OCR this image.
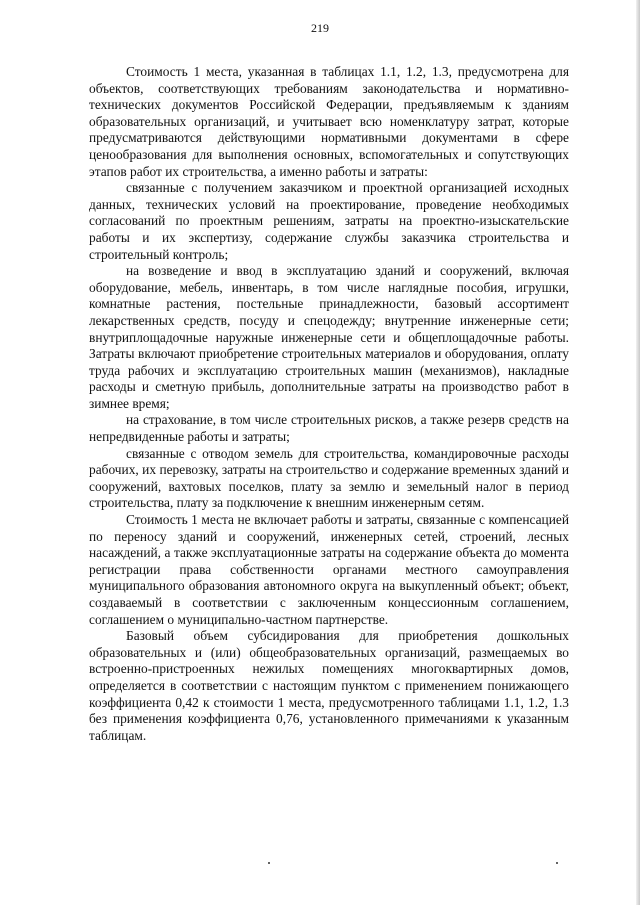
219

Стоимость 1 места, указанная в таблицах 1.1, 1.2, 1.3, предусмотрена для объектов, соответствующих требованиям законодательства и нормативно-технических документов Российской Федерации, предъявляемым к зданиям образовательных организаций, и учитывает всю номенклатуру затрат, которые предусматриваются действующими нормативными документами в сфере ценообразования для выполнения основных, вспомогательных и сопутствующих этапов работ их строительства, а именно работы и затраты:

связанные с получением заказчиком и проектной организацией исходных данных, технических условий на проектирование, проведение необходимых согласований по проектным решениям, затраты на проектно-изыскательские работы и их экспертизу, содержание службы заказчика строительства и строительный контроль;

на возведение и ввод в эксплуатацию зданий и сооружений, включая оборудование, мебель, инвентарь, в том числе наглядные пособия, игрушки, комнатные растения, постельные принадлежности, базовый ассортимент лекарственных средств, посуду и спецодежду; внутренние инженерные сети; внутриплощадочные наружные инженерные сети и общеплощадочные работы. Затраты включают приобретение строительных материалов и оборудования, оплату труда рабочих и эксплуатацию строительных машин (механизмов), накладные расходы и сметную прибыль, дополнительные затраты на производство работ в зимнее время;

на страхование, в том числе строительных рисков, а также резерв средств на непредвиденные работы и затраты;

связанные с отводом земель для строительства, командировочные расходы рабочих, их перевозку, затраты на строительство и содержание временных зданий и сооружений, вахтовых поселков, плату за землю и земельный налог в период строительства, плату за подключение к внешним инженерным сетям.

Стоимость 1 места не включает работы и затраты, связанные с компенсацией по переносу зданий и сооружений, инженерных сетей, строений, лесных насаждений, а также эксплуатационные затраты на содержание объекта до момента регистрации права собственности органами местного самоуправления муниципального образования автономного округа на выкупленный объект; объект, создаваемый в соответствии с заключенным концессионным соглашением, соглашением о муниципально-частном партнерстве.

Базовый объем субсидирования для приобретения дошкольных образовательных и (или) общеобразовательных организаций, размещаемых во встроенно-пристроенных нежилых помещениях многоквартирных домов, определяется в соответствии с настоящим пунктом с применением понижающего коэффициента 0,42 к стоимости 1 места, предусмотренного таблицами 1.1, 1.2, 1.3 без применения коэффициента 0,76, установленного примечаниями к указанным таблицам.
